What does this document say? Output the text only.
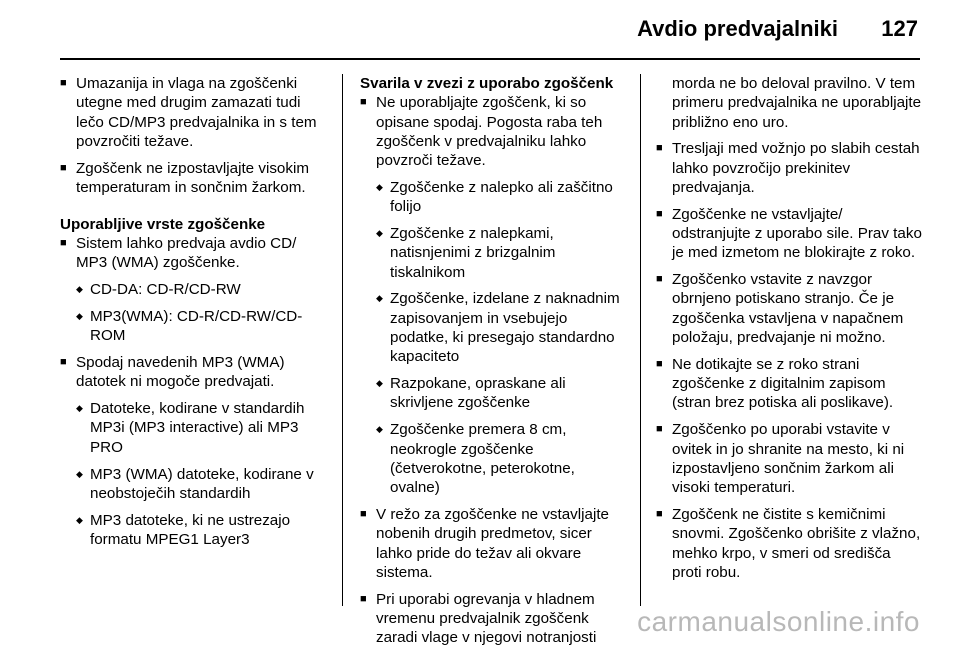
Avdio predvajalniki 127
■ Umazanija in vlaga na zgoščenki utegne med drugim zamazati tudi lečo CD/MP3 predvajalnika in s tem povzročiti težave.
■ Zgoščenk ne izpostavljajte visokim temperaturam in sončnim žarkom.
Uporabljive vrste zgoščenke
■ Sistem lahko predvaja avdio CD/ MP3 (WMA) zgoščenke.
◆ CD-DA: CD-R/CD-RW
◆ MP3(WMA): CD-R/CD-RW/CD-ROM
■ Spodaj navedenih MP3 (WMA) datotek ni mogoče predvajati.
◆ Datoteke, kodirane v standardih MP3i (MP3 interactive) ali MP3 PRO
◆ MP3 (WMA) datoteke, kodirane v neobstoječih standardih
◆ MP3 datoteke, ki ne ustrezajo formatu MPEG1 Layer3
Svarila v zvezi z uporabo zgoščenk
■ Ne uporabljajte zgoščenk, ki so opisane spodaj. Pogosta raba teh zgoščenk v predvajalniku lahko povzroči težave.
◆ Zgoščenke z nalepko ali zaščitno folijo
◆ Zgoščenke z nalepkami, natisnjenimi z brizgalnim tiskalnikom
◆ Zgoščenke, izdelane z naknadnim zapisovanjem in vsebujejo podatke, ki presegajo standardno kapaciteto
◆ Razpokane, opraskane ali skrivljene zgoščenke
◆ Zgoščenke premera 8 cm, neokrogle zgoščenke (četverokotne, peterokotne, ovalne)
■ V režo za zgoščenke ne vstavljajte nobenih drugih predmetov, sicer lahko pride do težav ali okvare sistema.
■ Pri uporabi ogrevanja v hladnem vremenu predvajalnik zgoščenk zaradi vlage v njegovi notranjosti
morda ne bo deloval pravilno. V tem primeru predvajalnika ne uporabljajte približno eno uro.
■ Tresljaji med vožnjo po slabih cestah lahko povzročijo prekinitev predvajanja.
■ Zgoščenke ne vstavljajte/ odstranjujte z uporabo sile. Prav tako je med izmetom ne blokirajte z roko.
■ Zgoščenko vstavite z navzgor obrnjeno potiskano stranjo. Če je zgoščenka vstavljena v napačnem položaju, predvajanje ni možno.
■ Ne dotikajte se z roko strani zgoščenke z digitalnim zapisom (stran brez potiska ali poslikave).
■ Zgoščenko po uporabi vstavite v ovitek in jo shranite na mesto, ki ni izpostavljeno sončnim žarkom ali visoki temperaturi.
■ Zgoščenk ne čistite s kemičnimi snovmi. Zgoščenko obrišite z vlažno, mehko krpo, v smeri od središča proti robu.
carmanualsonline.info
